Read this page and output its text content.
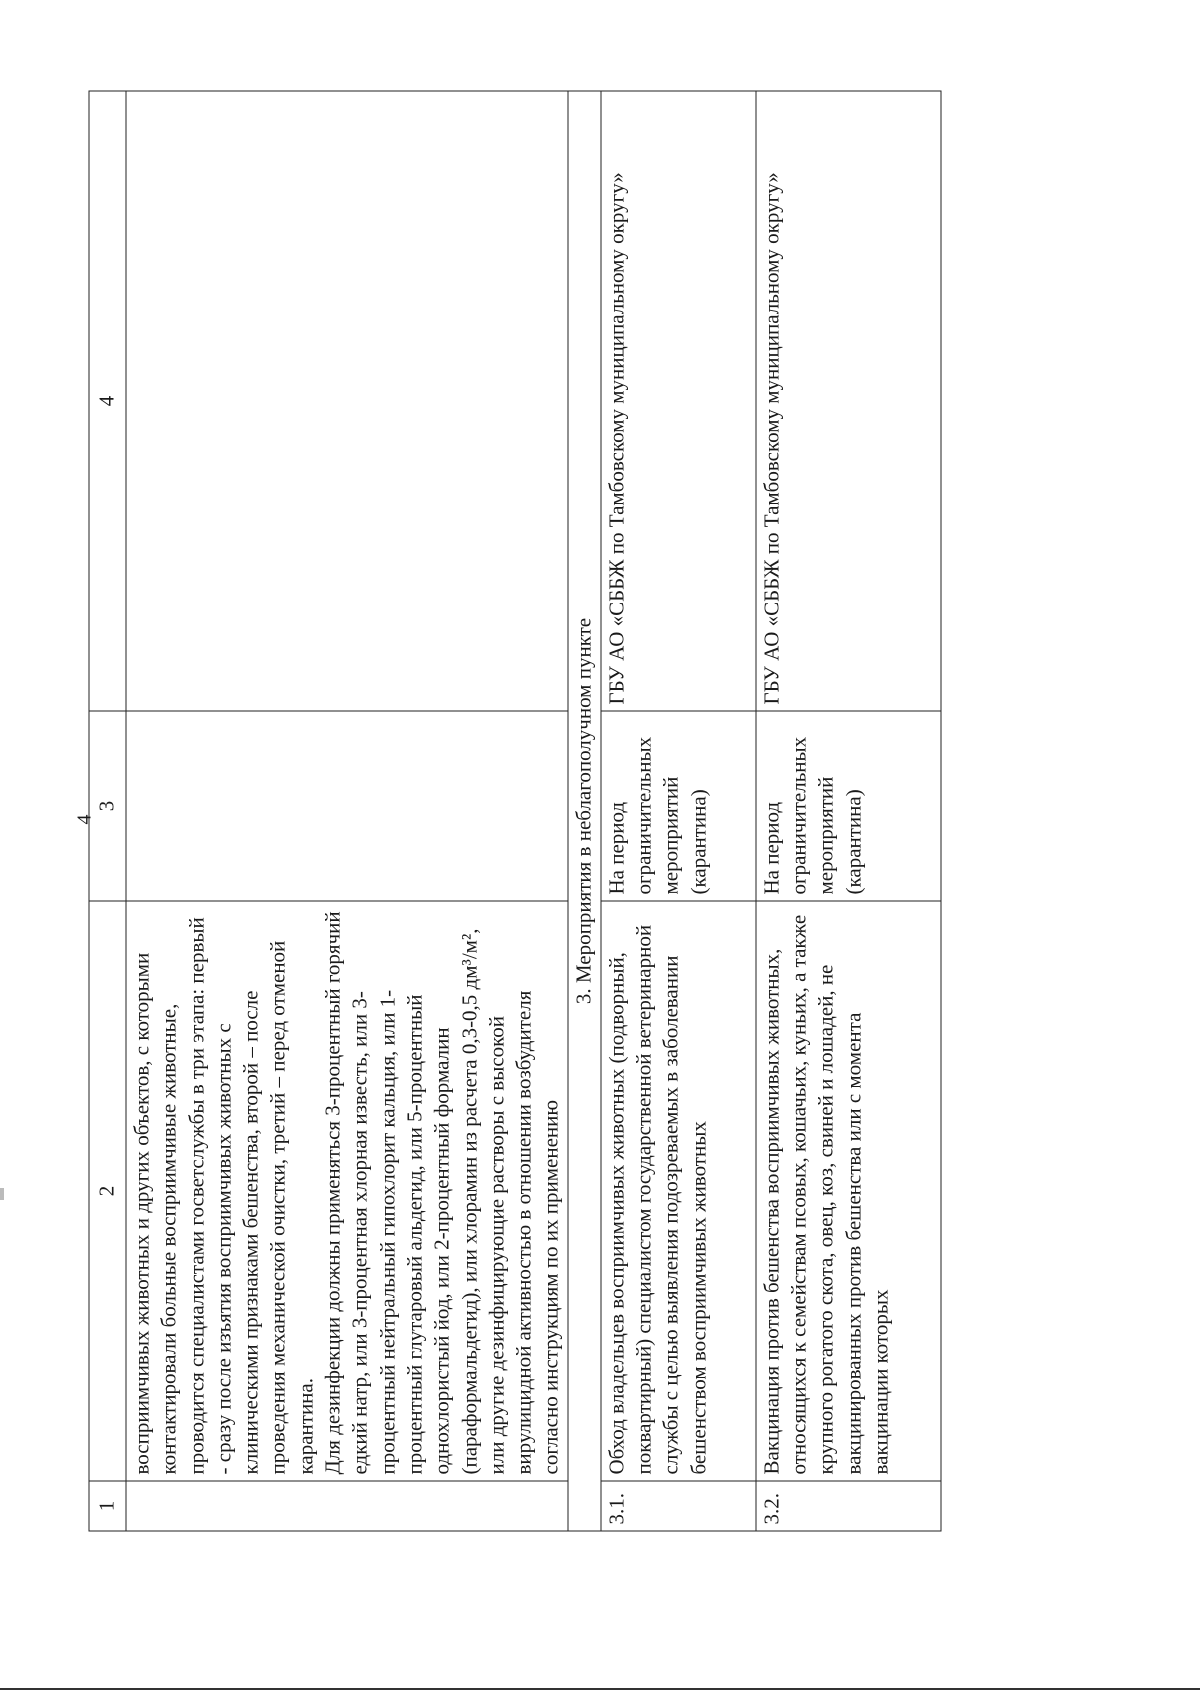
4
1	2	3	4
	восприимчивых животных и других объектов, с которыми контактировали больные восприимчивые животные, проводится специалистами госветслужбы в три этапа: первый - сразу после изъятия восприимчивых животных с клиническими признаками бешенства, второй – после проведения механической очистки, третий – перед отменой карантина.
Для дезинфекции должны применяться 3-процентный горячий едкий натр, или 3-процентная хлорная известь, или 3-процентный нейтральный гипохлорит кальция, или 1-процентный глутаровый альдегид, или 5-процентный однохлористый йод, или 2-процентный формалин (параформальдегид), или хлорамин из расчета 0,3-0,5 дм³/м², или другие дезинфицирующие растворы с высокой вирулицидной активностью в отношении возбудителя согласно инструкциям по их применению		
3. Мероприятия в неблагополучном пункте			
3.1.	Обход владельцев восприимчивых животных (подворный, поквартирный) специалистом государственной ветеринарной службы с целью выявления подозреваемых в заболевании бешенством восприимчивых животных	На период ограничительных мероприятий (карантина)	ГБУ АО «СББЖ по Тамбовскому муниципальному округу»
3.2.	Вакцинация против бешенства восприимчивых животных, относящихся к семействам псовых, кошачьих, куньих, а также крупного рогатого скота, овец, коз, свиней и лошадей, не вакцинированных против бешенства или с момента вакцинации которых	На период ограничительных мероприятий (карантина)	ГБУ АО «СББЖ по Тамбовскому муниципальному округу»
